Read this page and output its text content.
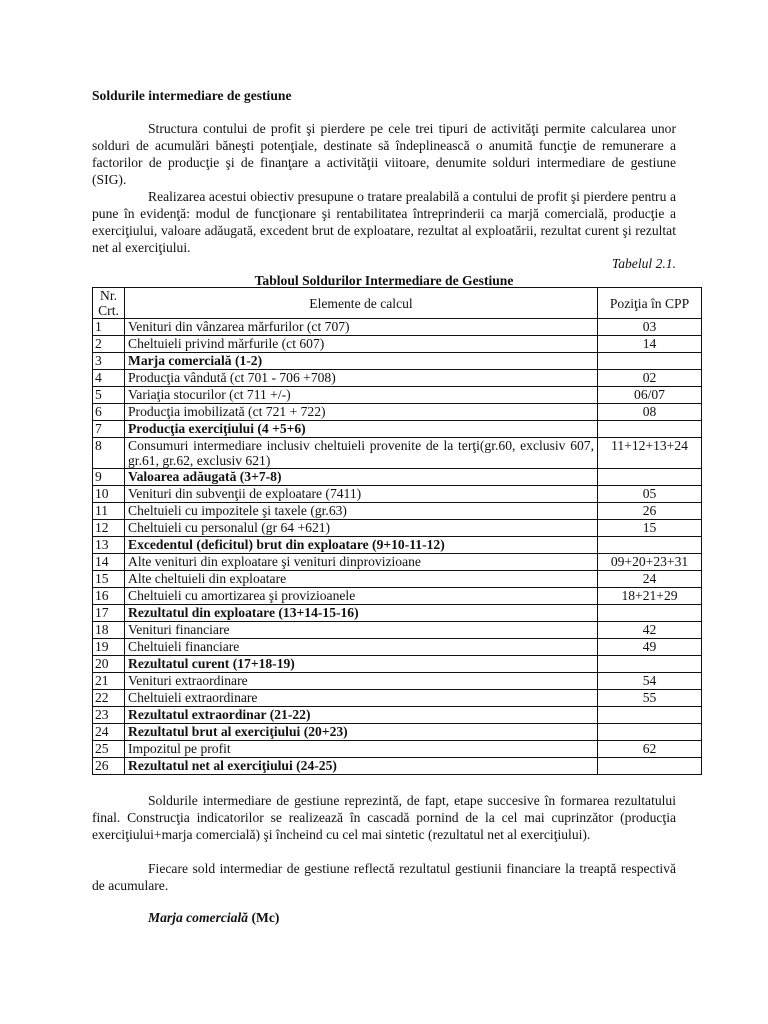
Soldurile intermediare de gestiune

Structura contului de profit şi pierdere pe cele trei tipuri de activităţi permite calcularea unor solduri de acumulări băneşti potenţiale, destinate să îndeplinească o anumită funcţie de remunerare a factorilor de producţie şi de finanţare a activităţii viitoare, denumite solduri intermediare de gestiune (SIG).

Realizarea acestui obiectiv presupune o tratare prealabilă a contului de profit şi pierdere pentru a pune în evidenţă: modul de funcţionare şi rentabilitatea întreprinderii ca marjă comercială, producţie a exerciţiului, valoare adăugată, excedent brut de exploatare, rezultat al exploatării, rezultat curent şi rezultat net al exerciţiului.

Tabelul 2.1.
Tabloul Soldurilor Intermediare de Gestiune

Soldurile intermediare de gestiune reprezintă, de fapt, etape succesive în formarea rezultatului final. Construcţia indicatorilor se realizează în cascadă pornind de la cel mai cuprinzător (producţia exerciţiului+marja comercială) şi încheind cu cel mai sintetic (rezultatul net al exerciţiului).

Fiecare sold intermediar de gestiune reflectă rezultatul gestiunii financiare la treaptă respectivă de acumulare.

Marja comercială (Mc)
Nr. Crt.	Elemente de calcul	Poziţia în CPP
1	Venituri din vânzarea mărfurilor (ct 707)	03
2	Cheltuieli privind mărfurile (ct 607)	14
3	Marja comercială (1-2)	
4	Producţia vândută (ct 701 - 706 +708)	02
5	Variaţia stocurilor (ct 711 +/-)	06/07
6	Producţia imobilizată (ct 721 + 722)	08
7	Producţia exerciţiului (4 +5+6)	
8	Consumuri intermediare inclusiv cheltuieli provenite de la terţi(gr.60, exclusiv 607, gr.61, gr.62, exclusiv 621)	11+12+13+24
9	Valoarea adăugată (3+7-8)	
10	Venituri din subvenţii de exploatare (7411)	05
11	Cheltuieli cu impozitele şi taxele (gr.63)	26
12	Cheltuieli cu personalul (gr 64 +621)	15
13	Excedentul (deficitul) brut din exploatare (9+10-11-12)	
14	Alte venituri din exploatare şi venituri dinprovizioane	09+20+23+31
15	Alte cheltuieli din exploatare	24
16	Cheltuieli cu amortizarea şi provizioanele	18+21+29
17	Rezultatul din exploatare (13+14-15-16)	
18	Venituri financiare	42
19	Cheltuieli financiare	49
20	Rezultatul curent (17+18-19)	
21	Venituri extraordinare	54
22	Cheltuieli extraordinare	55
23	Rezultatul extraordinar (21-22)	
24	Rezultatul brut al exerciţiului (20+23)	
25	Impozitul pe profit	62
26	Rezultatul net al exerciţiului (24-25)	
